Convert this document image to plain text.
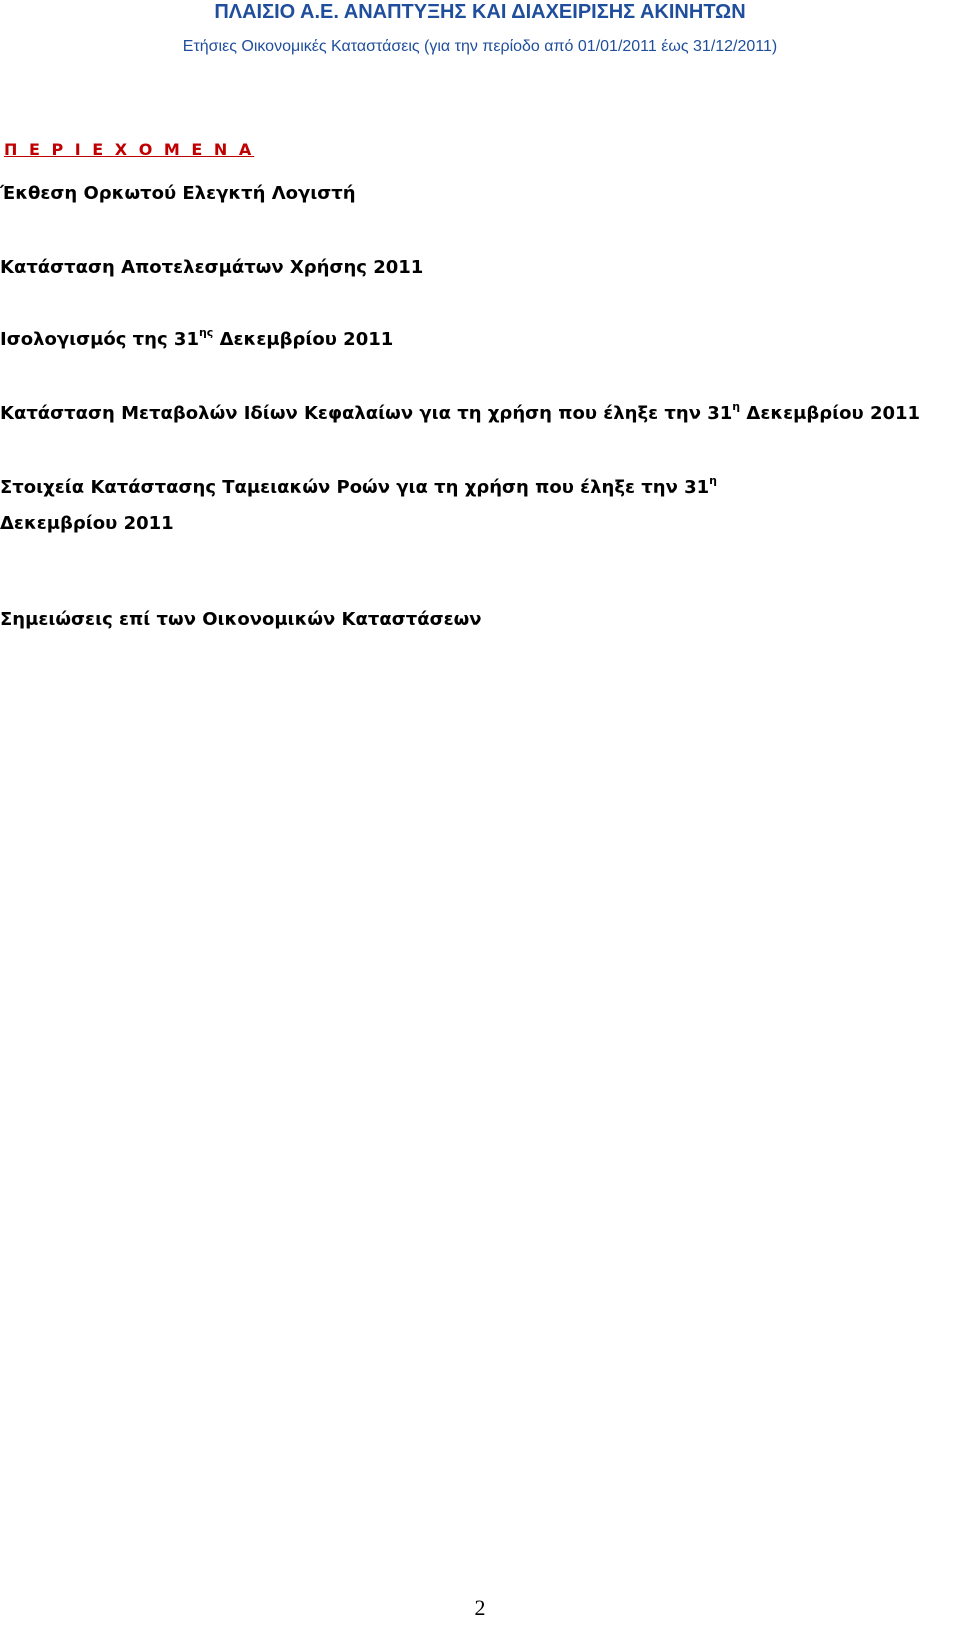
ΠΛΑΙΣΙΟ Α.Ε. ΑΝΑΠΤΥΞΗΣ ΚΑΙ ΔΙΑΧΕΙΡΙΣΗΣ ΑΚΙΝΗΤΩΝ
Ετήσιες Οικονομικές Καταστάσεις (για την περίοδο από 01/01/2011 έως 31/12/2011)
Π Ε Ρ Ι Ε Χ Ο Μ Ε Ν Α
Έκθεση Ορκωτού Ελεγκτή Λογιστή
Κατάσταση Αποτελεσμάτων Χρήσης 2011
Ισολογισμός της $31^{\eta\varsigma}$ Δεκεμβρίου 2011
Κατάσταση Μεταβολών Ιδίων Κεφαλαίων για τη χρήση που έληξε την $31^\eta$ Δεκεμβρίου 2011
Στοιχεία Κατάστασης Ταμειακών Ροών για τη χρήση που έληξε την $31^\eta$ Δεκεμβρίου 2011
Σημειώσεις επί των Οικονομικών Καταστάσεων
2
